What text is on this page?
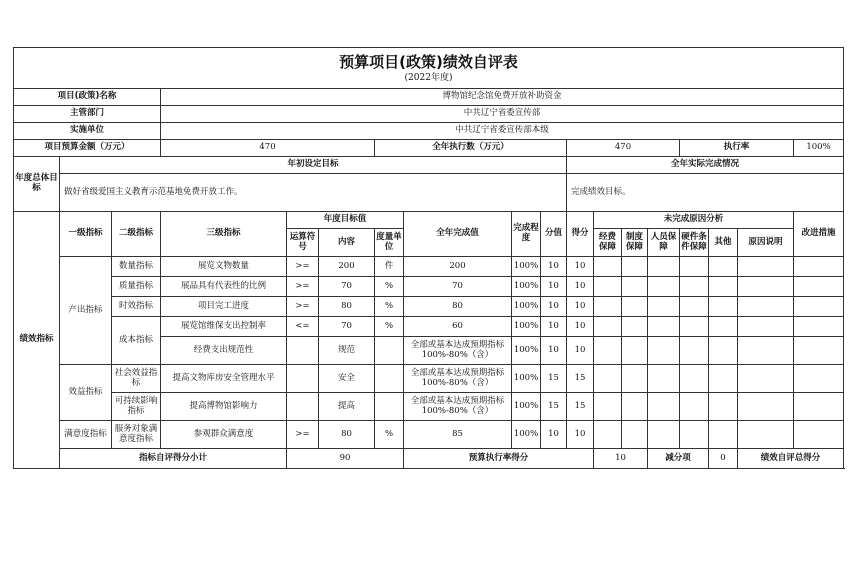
预算项目(政策)绩效自评表
(2022年度)																		

项目(政策)名称			博物馆纪念馆免费开放补助资金															
主管部门			中共辽宁省委宣传部															
实施单位			中共辽宁省委宣传部本级															
项目预算金额（万元）			470			全年执行数（万元）				470				执行率			100%	
年度总体目标	年初设定目标									全年实际完成情况								
	做好省级爱国主义教育示范基地免费开放工作。									完成绩效目标。								
绩效指标	一级指标	二级指标	三级指标	年度目标值			全年完成值	完成程度	分值	得分	未完成原因分析						改进措施	
				运算符号	内容	度量单位					经费保障	制度保障	人员保障	硬件条件保障	其他	原因说明		
	产出指标	数量指标	展览文物数量	>=	200	件	200	100%	10	10								
		质量指标	展品具有代表性的比例	>=	70	%	70	100%	10	10								
		时效指标	项目完工进度	>=	80	%	80	100%	10	10								
		成本指标	展览馆维保支出控制率	<=	70	%	60	100%	10	10								
			经费支出规范性		规范		全部或基本达成预期指标100%-80%（含）	100%	10	10								
	效益指标	社会效益指标	提高文物库房安全管理水平		安全		全部或基本达成预期指标100%-80%（含）	100%	15	15								
		可持续影响指标	提高博物馆影响力		提高		全部或基本达成预期指标100%-80%（含）	100%	15	15								
	满意度指标	服务对象满意度指标	参观群众满意度	>=	80	%	85	100%	10	10								
	指标自评得分小计			90			预算执行率得分				10		减分项		0	绩效自评总得分	
